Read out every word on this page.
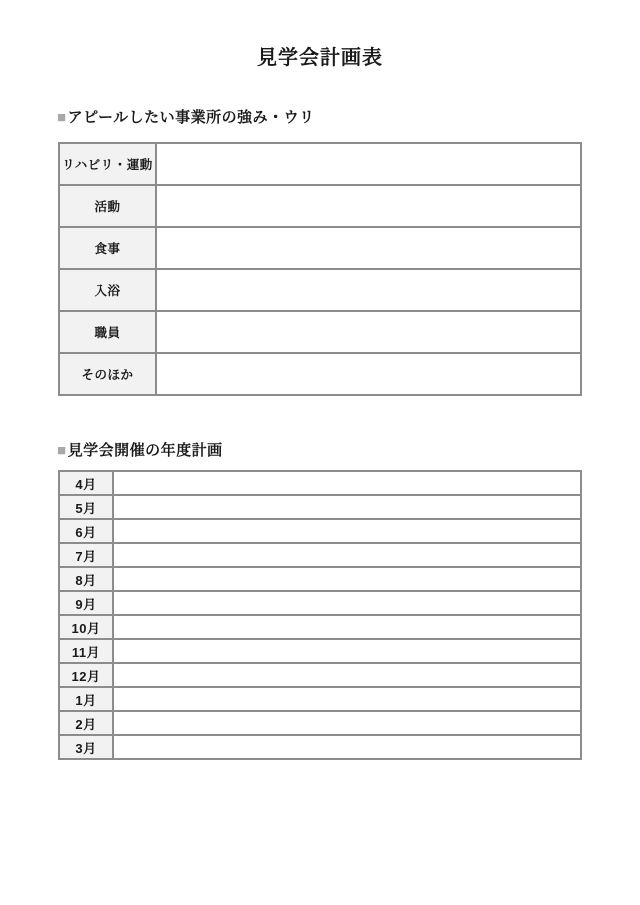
見学会計画表
■アピールしたい事業所の強み・ウリ
リハビリ・運動	
活動	
食事	
入浴	
職員	
そのほか	
■見学会開催の年度計画
4月	
5月	
6月	
7月	
8月	
9月	
10月	
11月	
12月	
1月	
2月	
3月	
